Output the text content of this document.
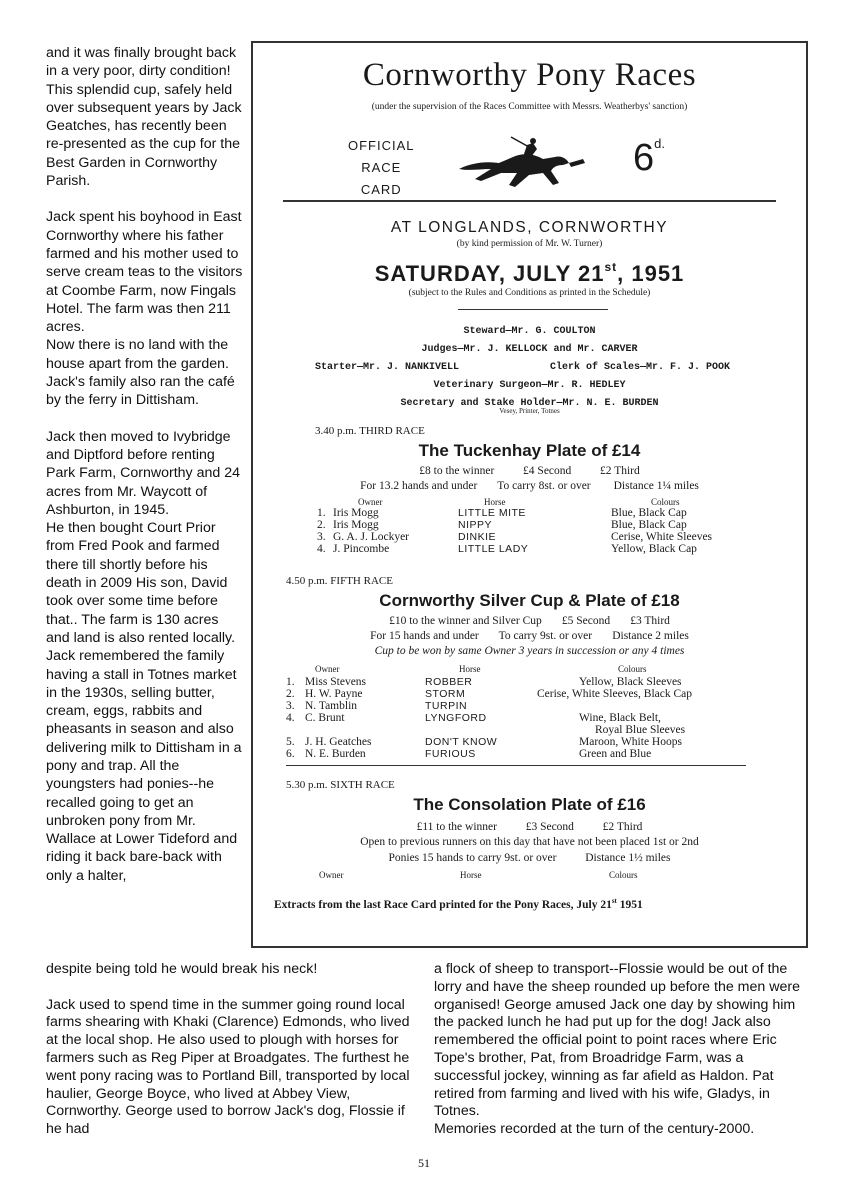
and it was finally brought back in a very poor, dirty condition! This splendid cup, safely held over subsequent years by Jack Geatches, has recently been re-presented as the cup for the Best Garden in Cornworthy Parish.

Jack spent his boyhood in East Cornworthy where his father farmed and his mother used to serve cream teas to the visitors at Coombe Farm, now Fingals Hotel. The farm was then 211 acres.
Now there is no land with the house apart from the garden. Jack's family also ran the café by the ferry in Dittisham.

Jack then moved to Ivybridge and Diptford before renting Park Farm, Cornworthy and 24 acres from Mr. Waycott of Ashburton, in 1945.
He then bought Court Prior from Fred Pook and farmed there till shortly before his death in 2009 His son, David took over some time before that.. The farm is 130 acres and land is also rented locally. Jack remembered the family having a stall in Totnes market in the 1930s, selling butter, cream, eggs, rabbits and pheasants in season and also delivering milk to Dittisham in a pony and trap. All the youngsters had ponies--he recalled going to get an unbroken pony from Mr. Wallace at Lower Tideford and riding it back bare-back with only a halter,

Cornworthy Pony Races
(under the supervision of the Races Committee with Messrs. Weatherbys' sanction)
OFFICIAL
RACE
CARD
$6^{d.}$
AT LONGLANDS, CORNWORTHY
(by kind permission of Mr. W. Turner)
SATURDAY, JULY 21st, 1951
(subject to the Rules and Conditions as printed in the Schedule)
Steward—Mr. G. COULTON
Judges—Mr. J. KELLOCK and Mr. CARVER
Starter—Mr. J. NANKIVELL	Clerk of Scales—Mr. F. J. POOK
Veterinary Surgeon—Mr. R. HEDLEY
Secretary and Stake Holder—Mr. N. E. BURDEN
Vesey, Printer, Totnes
3.40 p.m. THIRD RACE
The Tuckenhay Plate of £14
£8 to the winner          £4 Second          £2 Third
For 13.2 hands and under       To carry 8st. or over        Distance 1¼ miles
Owner	Horse	Colours
1. Iris Mogg	LITTLE MITE	Blue, Black Cap
2. Iris Mogg	NIPPY	Blue, Black Cap
3. G. A. J. Lockyer	DINKIE	Cerise, White Sleeves
4. J. Pincombe	LITTLE LADY	Yellow, Black Cap
4.50 p.m. FIFTH RACE
Cornworthy Silver Cup & Plate of £18
£10 to the winner and Silver Cup       £5 Second       £3 Third
For 15 hands and under       To carry 9st. or over       Distance 2 miles
Cup to be won by same Owner 3 years in succession or any 4 times
Owner	Horse	Colours
1. Miss Stevens	ROBBER	Yellow, Black Sleeves
2. H. W. Payne	STORM	Cerise, White Sleeves, Black Cap
3. N. Tamblin	TURPIN
4. C. Brunt	LYNGFORD	Wine, Black Belt,
Royal Blue Sleeves
5. J. H. Geatches	DON'T KNOW	Maroon, White Hoops
6. N. E. Burden	FURIOUS	Green and Blue
5.30 p.m. SIXTH RACE
The Consolation Plate of £16
£11 to the winner          £3 Second          £2 Third
Open to previous runners on this day that have not been placed 1st or 2nd
Ponies 15 hands to carry 9st. or over          Distance 1½ miles
Owner	Horse	Colours
Extracts from the last Race Card printed for the Pony Races, July 21st 1951

despite being told he would break his neck!

Jack used to spend time in the summer going round local farms shearing with Khaki (Clarence) Edmonds, who lived at the local shop. He also used to plough with horses for farmers such as Reg Piper at Broadgates. The furthest he went pony racing was to Portland Bill, transported by local haulier, George Boyce, who lived at Abbey View, Cornworthy. George used to borrow Jack's dog, Flossie if he had

a flock of sheep to transport--Flossie would be out of the lorry and have the sheep rounded up before the men were organised! George amused Jack one day by showing him the packed lunch he had put up for the dog! Jack also remembered the official point to point races where Eric Tope's brother, Pat, from Broadridge Farm, was a successful jockey, winning as far afield as Haldon. Pat retired from farming and lived with his wife, Gladys, in Totnes.
Memories recorded at the turn of the century-2000.

51
